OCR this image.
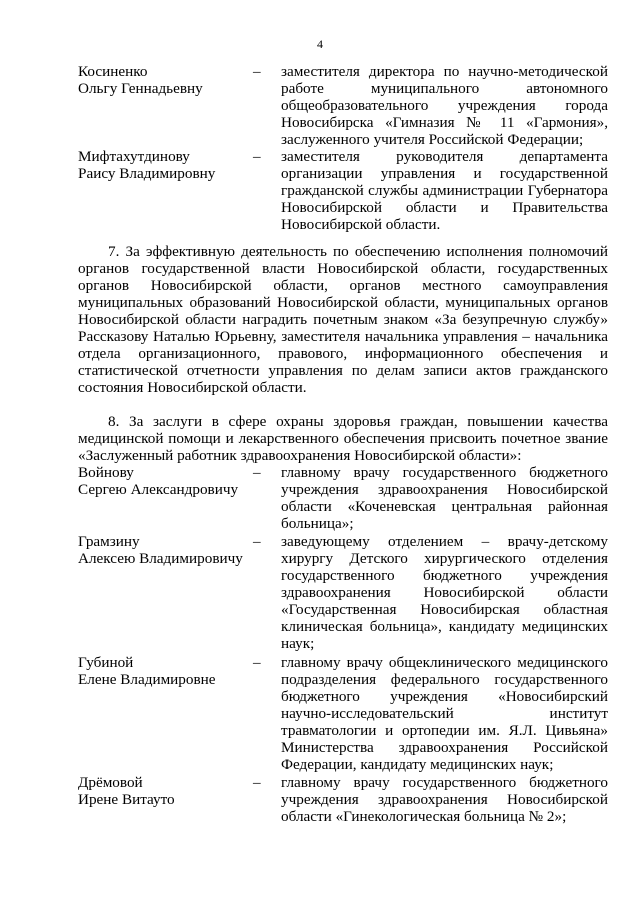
4
Косиненко
Ольгу Геннадьевну
– заместителя директора по научно-методической работе муниципального автономного общеобразовательного учреждения города Новосибирска «Гимназия № 11 «Гармония», заслуженного учителя Российской Федерации;
Мифтахутдинову
Раису Владимировну
– заместителя руководителя департамента организации управления и государственной гражданской службы администрации Губернатора Новосибирской области и Правительства Новосибирской области.
7. За эффективную деятельность по обеспечению исполнения полномочий органов государственной власти Новосибирской области, государственных органов Новосибирской области, органов местного самоуправления муниципальных образований Новосибирской области, муниципальных органов Новосибирской области наградить почетным знаком «За безупречную службу» Рассказову Наталью Юрьевну, заместителя начальника управления – начальника отдела организационного, правового, информационного обеспечения и статистической отчетности управления по делам записи актов гражданского состояния Новосибирской области.
8. За заслуги в сфере охраны здоровья граждан, повышении качества медицинской помощи и лекарственного обеспечения присвоить почетное звание «Заслуженный работник здравоохранения Новосибирской области»:
Войнову
Сергею Александровичу
– главному врачу государственного бюджетного учреждения здравоохранения Новосибирской области «Коченевская центральная районная больница»;
Грамзину
Алексею Владимировичу
– заведующему отделением – врачу-детскому хирургу Детского хирургического отделения государственного бюджетного учреждения здравоохранения Новосибирской области «Государственная Новосибирская областная клиническая больница», кандидату медицинских наук;
Губиной
Елене Владимировне
– главному врачу общеклинического медицинского подразделения федерального государственного бюджетного учреждения «Новосибирский научно-исследовательский институт травматологии и ортопедии им. Я.Л. Цивьяна» Министерства здравоохранения Российской Федерации, кандидату медицинских наук;
Дрёмовой
Ирене Витауто
– главному врачу государственного бюджетного учреждения здравоохранения Новосибирской области «Гинекологическая больница № 2»;
